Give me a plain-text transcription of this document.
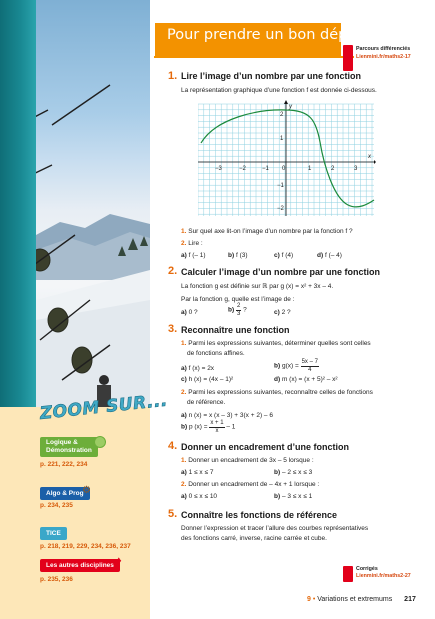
ZOOM SUR...
Logique &
Démonstration
p. 221, 222, 234
Algo & Prog
⚙
p. 234, 235
TICE
p. 218, 219, 229, 234, 236, 237
Les autres disciplines ♦
p. 235, 236
Pour prendre un bon départ
Parcours différenciés
Lienmini.fr/maths2-17
1. Lire l’image d’un nombre par une fonction
La représentation graphique d’une fonction f est donnée ci-dessous.
−3	−2	−1 0	1	2	3
2
1
−1
−2
x
y
1. Sur quel axe lit-on l’image d’un nombre par la fonction f ?
2. Lire :
a) f (– 1)	b) f (3)	c) f (4)	d) f (– 4)
2. Calculer l’image d’un nombre par une fonction
La fonction g est définie sur ℝ par g (x) = x² + 3x – 4.
Par la fonction g, quelle est l’image de :
a) 0 ?	$b) \frac{2}{3}$ ?	c) 2 ?
3. Reconnaître une fonction
1. Parmi les expressions suivantes, déterminer quelles sont celles
de fonctions affines.
a) f (x) = 2x	b) $g(x) = \frac{5x - 7}{4}$
c) h (x) = (4x – 1)²	d) m (x) = (x + 5)² – x²
2. Parmi les expressions suivantes, reconnaître celles de fonctions
de référence.
a) n (x) = x (x – 3) + 3(x + 2) – 6
b) p $(x) = \frac{x + 1}{x} - 1$
4. Donner un encadrement d’une fonction
1. Donner un encadrement de 3x – 5 lorsque :
a) 1 ≤ x ≤ 7	b) – 2 ≤ x ≤ 3
2. Donner un encadrement de – 4x + 1 lorsque :
a) 0 ≤ x ≤ 10	b) – 3 ≤ x ≤ 1
5. Connaître les fonctions de référence
Donner l’expression et tracer l’allure des courbes représentatives
des fonctions carré, inverse, racine carrée et cube.
Corrigés
Lienmini.fr/maths2-27
9 • Variations et extremums 217
